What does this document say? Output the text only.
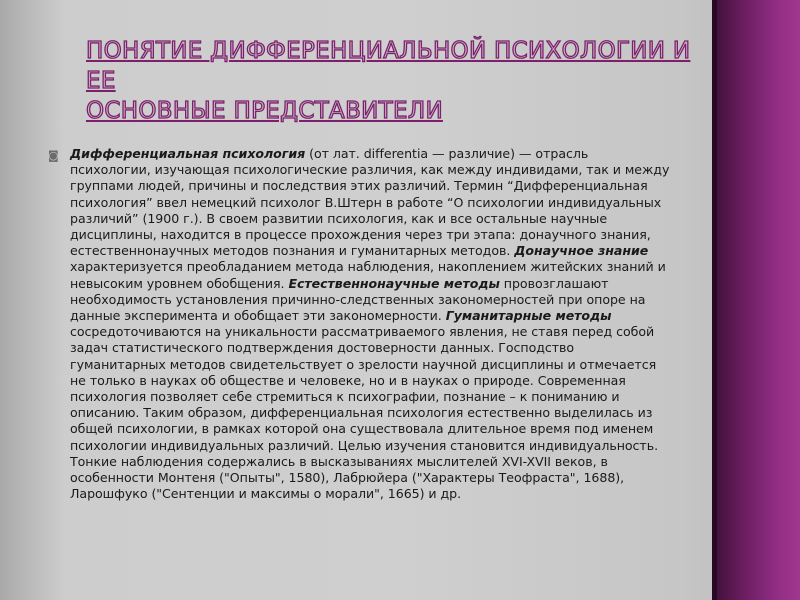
ПОНЯТИЕ ДИФФЕРЕНЦИАЛЬНОЙ ПСИХОЛОГИИ И ЕЕ
ОСНОВНЫЕ ПРЕДСТАВИТЕЛИ
◙ Дифференциальная психология (от лат. differentia — различие) — отрасль психологии, изучающая психологические различия, как между индивидами, так и между группами людей, причины и последствия этих различий. Термин “Дифференциальная психология” ввел немецкий психолог В.Штерн в работе “О психологии индивидуальных различий” (1900 г.). В своем развитии психология, как и все остальные научные дисциплины, находится в процессе прохождения через три этапа: донаучного знания, естественнонаучных методов познания и гуманитарных методов. Донаучное знание характеризуется преобладанием метода наблюдения, накоплением житейских знаний и невысоким уровнем обобщения. Естественнонаучные методы провозглашают необходимость установления причинно-следственных закономерностей при опоре на данные эксперимента и обобщает эти закономерности. Гуманитарные методы сосредоточиваются на уникальности рассматриваемого явления, не ставя перед собой задач статистического подтверждения достоверности данных. Господство гуманитарных методов свидетельствует о зрелости научной дисциплины и отмечается не только в науках об обществе и человеке, но и в науках о природе. Современная психология позволяет себе стремиться к психографии, познание – к пониманию и описанию. Таким образом, дифференциальная психология естественно выделилась из общей психологии, в рамках которой она существовала длительное время под именем психологии индивидуальных различий. Целью изучения становится индивидуальность. Тонкие наблюдения содержались в высказываниях мыслителей XVI-XVII веков, в особенности Монтеня ("Опыты", 1580), Лабрюйера ("Характеры Теофраста", 1688), Ларошфуко ("Сентенции и максимы о морали", 1665) и др.
